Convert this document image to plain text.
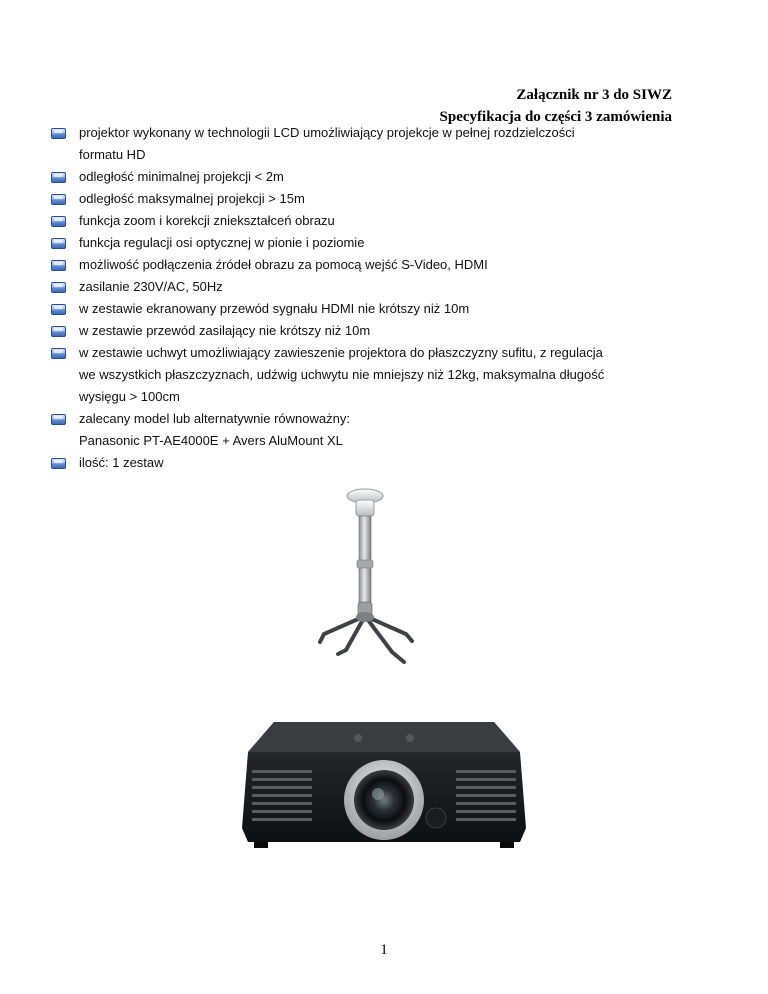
Załącznik nr 3 do SIWZ
Specyfikacja do części 3 zamówienia
projektor wykonany w technologii LCD umożliwiający projekcje w pełnej rozdzielczości
formatu HD
odległość minimalnej projekcji < 2m
odległość maksymalnej projekcji > 15m
funkcja zoom i korekcji zniekształceń obrazu
funkcja regulacji osi optycznej w pionie i poziomie
możliwość podłączenia źródeł obrazu za pomocą wejść S-Video, HDMI
zasilanie 230V/AC, 50Hz
w zestawie ekranowany przewód sygnału HDMI nie krótszy niż 10m
w zestawie przewód zasilający nie krótszy niż 10m
w zestawie uchwyt umożliwiający zawieszenie projektora do płaszczyzny sufitu, z regulacja
we wszystkich płaszczyznach, udźwig uchwytu nie mniejszy niż 12kg, maksymalna długość
wysięgu > 100cm
zalecany model lub alternatywnie równoważny:
Panasonic PT-AE4000E + Avers AluMount XL
ilość: 1 zestaw
1
